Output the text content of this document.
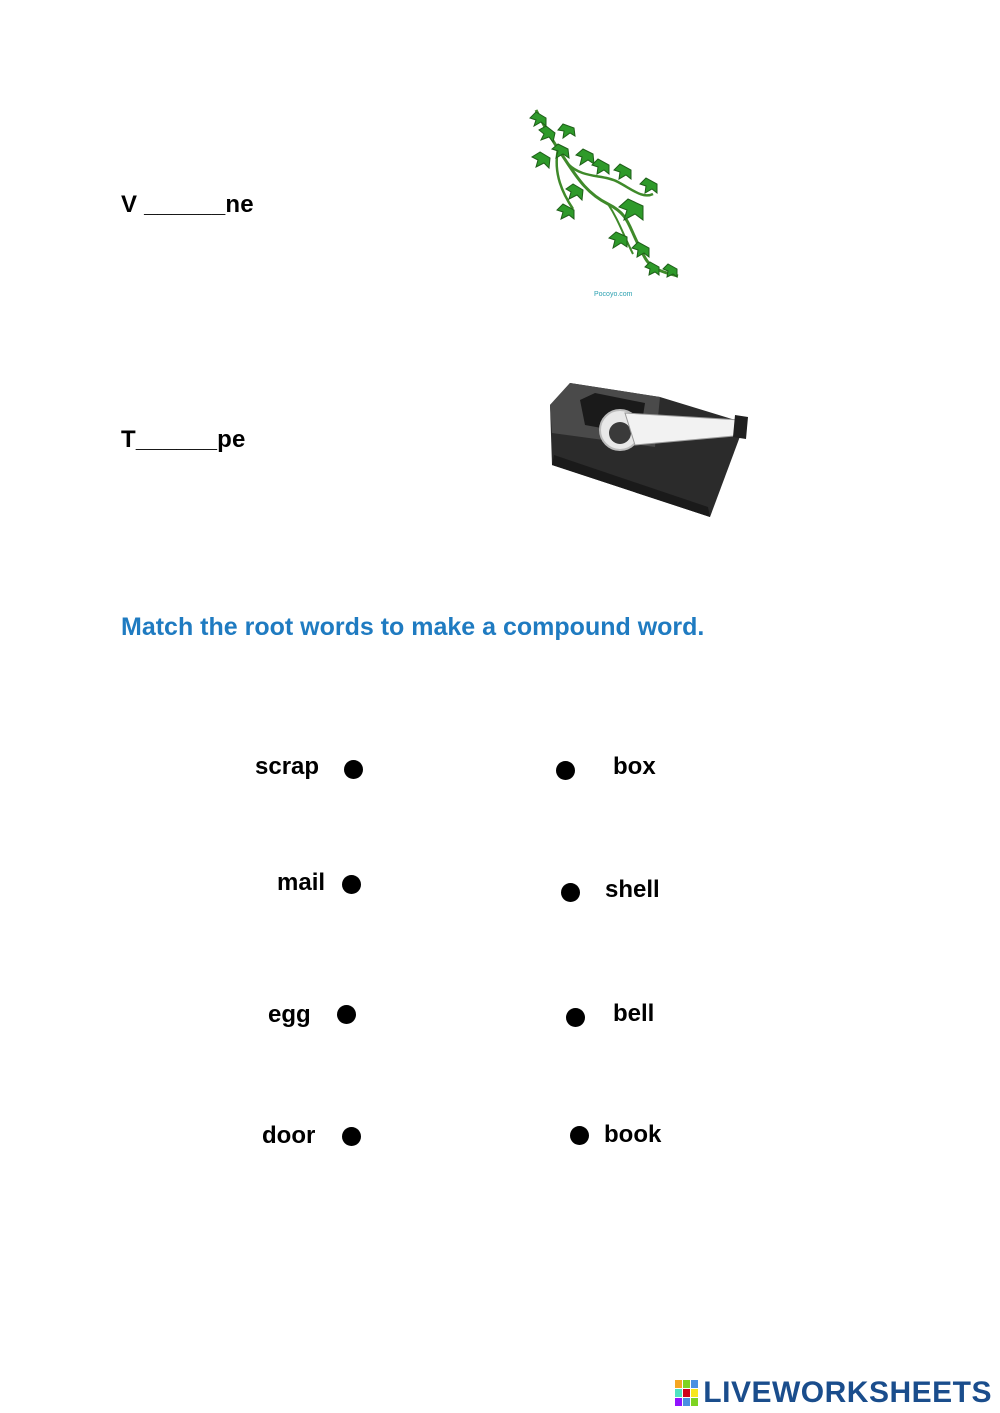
V ______ne
Pocoyo.com
T______pe
Match the root words to make a compound word.
scrap
mail
egg
door
box
shell
bell
book
LIVEWORKSHEETS
